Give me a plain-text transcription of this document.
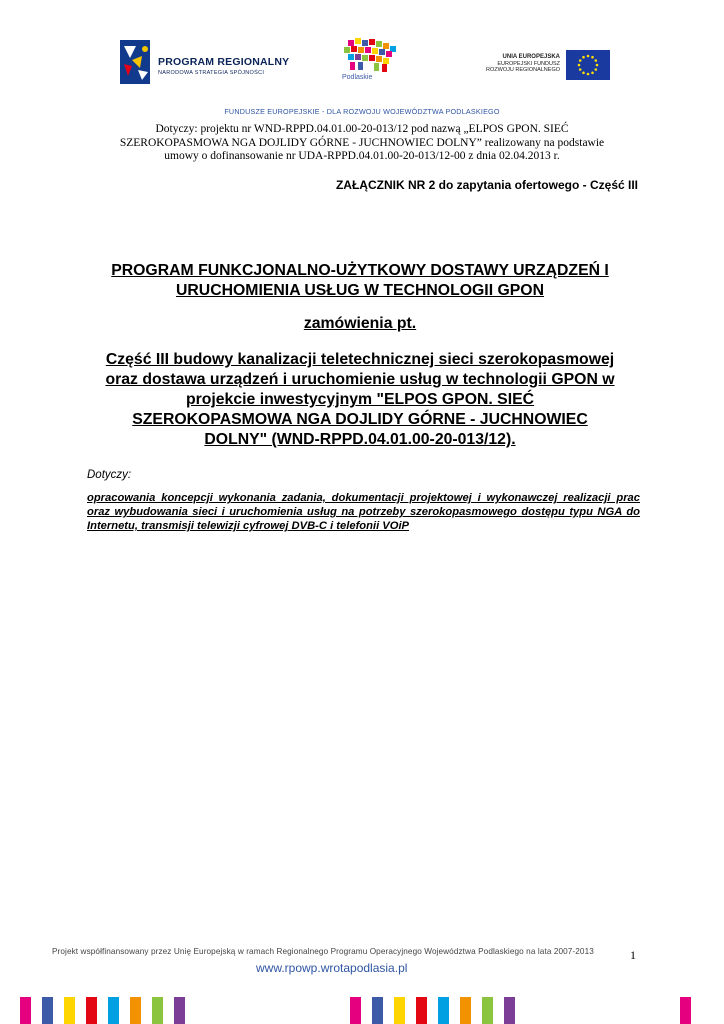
PROGRAM REGIONALNY
NARODOWA STRATEGIA SPÓJNOŚCI
Podlaskie
UNIA EUROPEJSKA
EUROPEJSKI FUNDUSZ
ROZWOJU REGIONALNEGO
FUNDUSZE EUROPEJSKIE - DLA ROZWOJU WOJEWÓDZTWA PODLASKIEGO
Dotyczy: projektu nr WND-RPPD.04.01.00-20-013/12 pod nazwą „ELPOS GPON. SIEĆ
SZEROKOPASMOWA NGA DOJLIDY GÓRNE - JUCHNOWIEC DOLNY” realizowany na podstawie
umowy o dofinansowanie nr UDA-RPPD.04.01.00-20-013/12-00 z dnia 02.04.2013 r.
ZAŁĄCZNIK NR 2 do zapytania ofertowego - Część III
PROGRAM FUNKCJONALNO-UŻYTKOWY DOSTAWY URZĄDZEŃ I
URUCHOMIENIA USŁUG W TECHNOLOGII GPON
zamówienia pt.
Część III budowy kanalizacji teletechnicznej sieci szerokopasmowej
oraz dostawa urządzeń i uruchomienie usług w technologii GPON w
projekcie inwestycyjnym "ELPOS GPON. SIEĆ
SZEROKOPASMOWA NGA DOJLIDY GÓRNE - JUCHNOWIEC
DOLNY" (WND-RPPD.04.01.00-20-013/12).
Dotyczy:
opracowania koncepcji wykonania zadania, dokumentacji projektowej i wykonawczej realizacji prac oraz wybudowania sieci i uruchomienia usług na potrzeby szerokopasmowego dostępu typu NGA do Internetu, transmisji telewizji cyfrowej DVB-C i telefonii VOiP
Projekt współfinansowany przez Unię Europejską w ramach Regionalnego Programu Operacyjnego Województwa Podlaskiego na lata 2007-2013
www.rpowp.wrotapodlasia.pl
1
